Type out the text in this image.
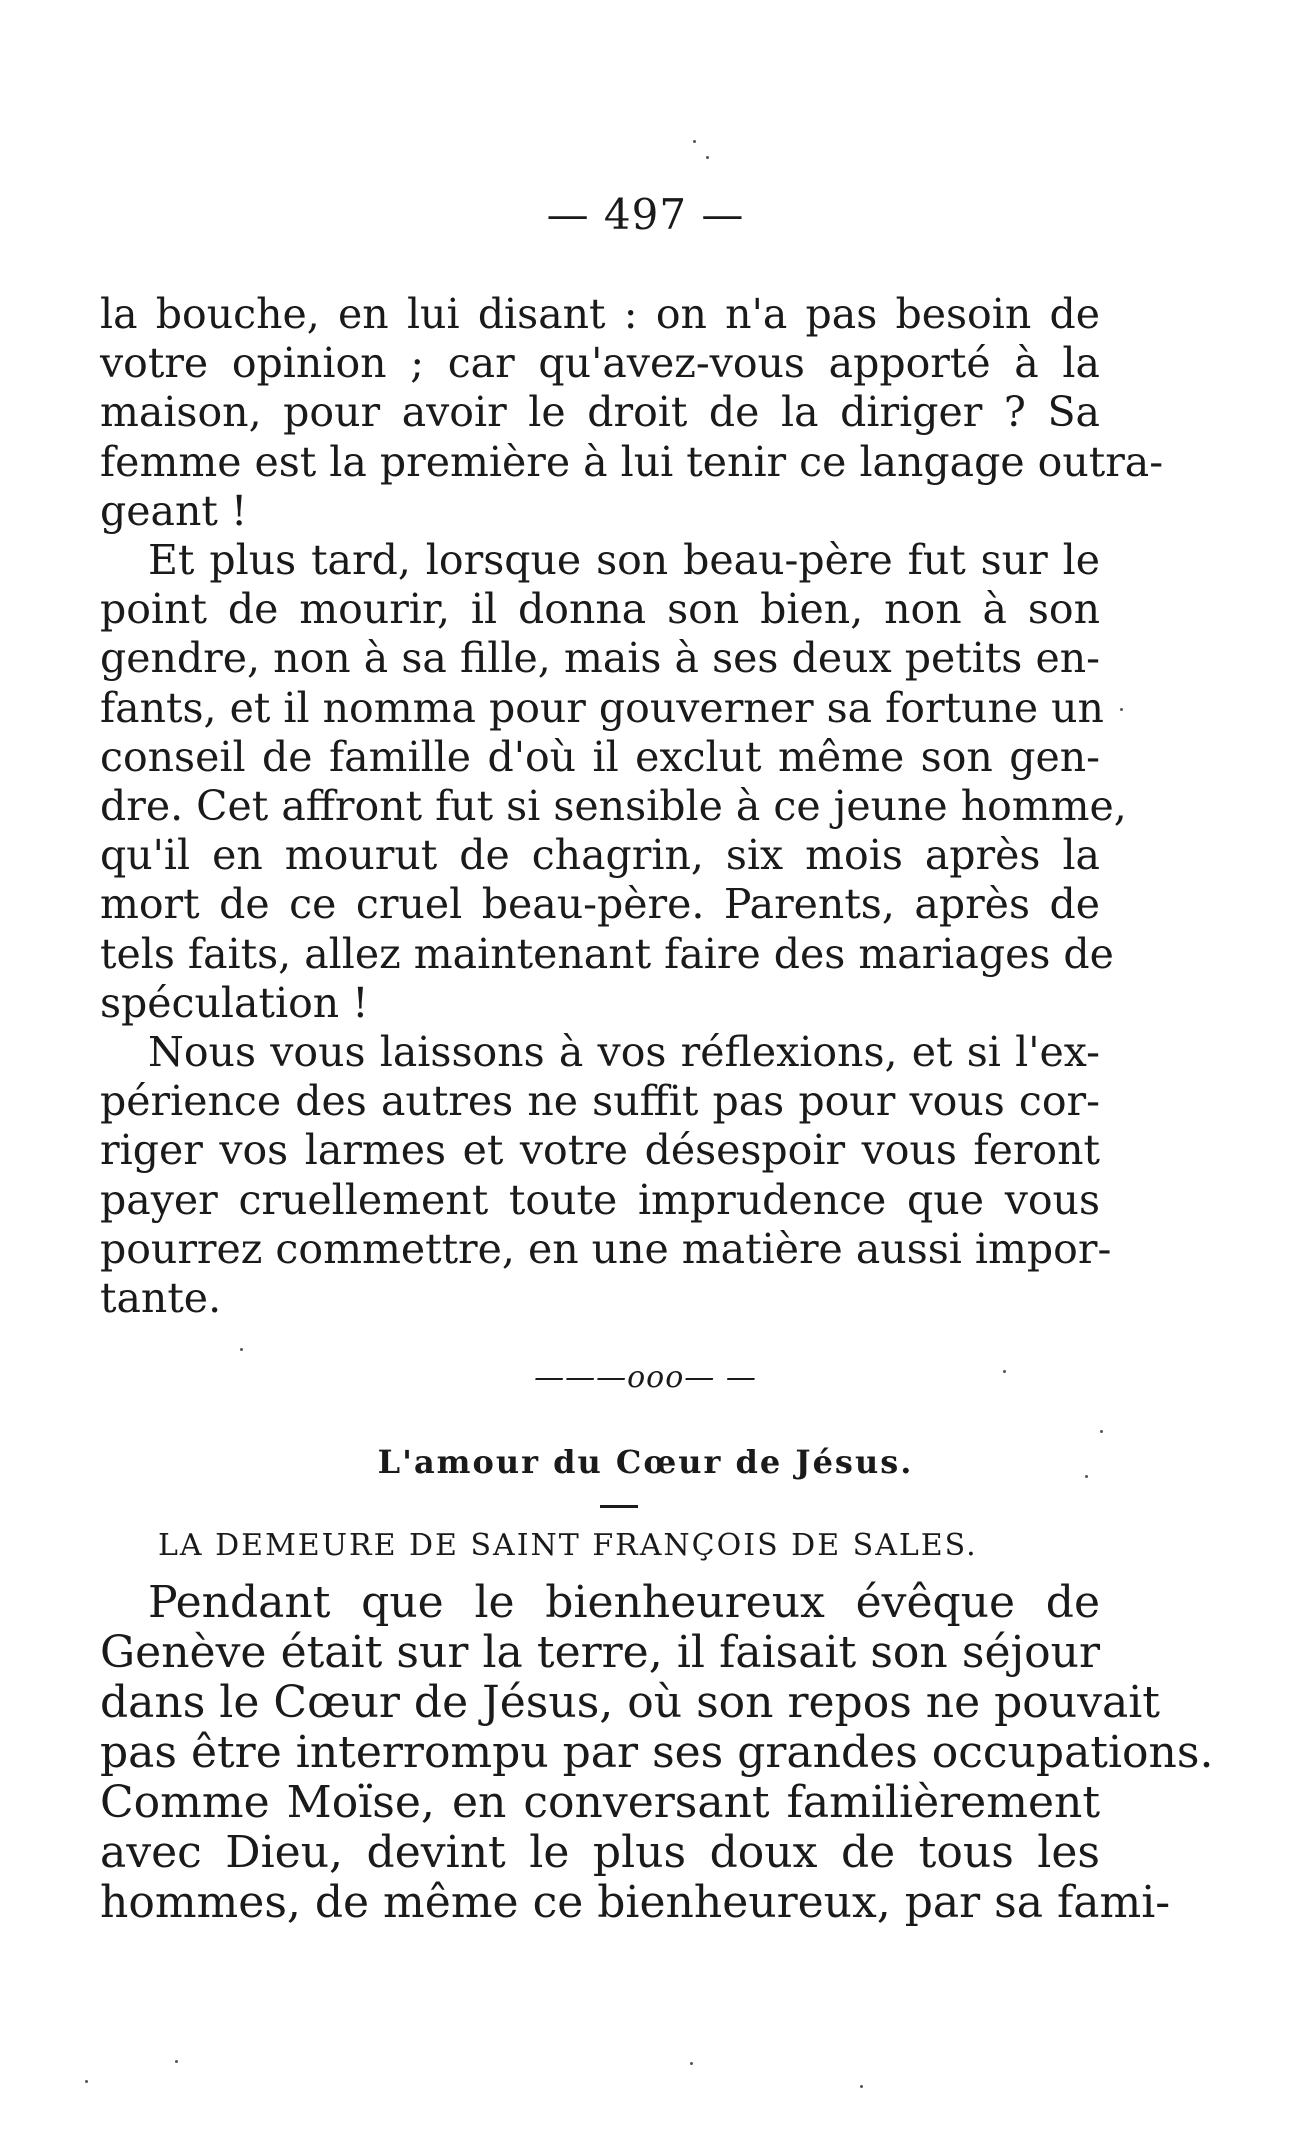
— 497 —
la bouche, en lui disant : on n'a pas besoin de
votre opinion ; car qu'avez-vous apporté à la
maison, pour avoir le droit de la diriger ? Sa
femme est la première à lui tenir ce langage outra-
geant !
Et plus tard, lorsque son beau-père fut sur le
point de mourir, il donna son bien, non à son
gendre, non à sa fille, mais à ses deux petits en-
fants, et il nomma pour gouverner sa fortune un
conseil de famille d'où il exclut même son gen-
dre. Cet affront fut si sensible à ce jeune homme,
qu'il en mourut de chagrin, six mois après la
mort de ce cruel beau-père. Parents, après de
tels faits, allez maintenant faire des mariages de
spéculation !
Nous vous laissons à vos réflexions, et si l'ex-
périence des autres ne suffit pas pour vous cor-
riger vos larmes et votre désespoir vous feront
payer cruellement toute imprudence que vous
pourrez commettre, en une matière aussi impor-
tante.
———ooo— —
L'amour du Cœur de Jésus.
LA DEMEURE DE SAINT FRANÇOIS DE SALES.
Pendant que le bienheureux évêque de
Genève était sur la terre, il faisait son séjour
dans le Cœur de Jésus, où son repos ne pouvait
pas être interrompu par ses grandes occupations.
Comme Moïse, en conversant familièrement
avec Dieu, devint le plus doux de tous les
hommes, de même ce bienheureux, par sa fami-
